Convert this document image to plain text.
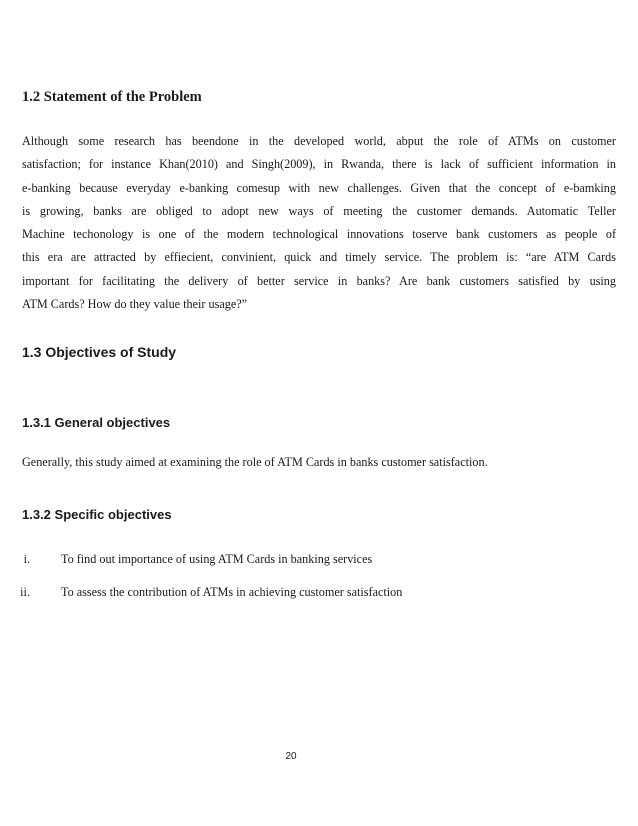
1.2 Statement of the Problem
Although some research has beendone in the developed world, abput the role of ATMs on customer
satisfaction; for instance Khan(2010) and Singh(2009), in Rwanda, there is lack of sufficient information in
e-banking because everyday e-banking comesup with new challenges. Given that the concept of e-bamking
is growing, banks are obliged to adopt new ways of meeting the customer demands. Automatic Teller
Machine techonology is one of the modern technological innovations toserve bank customers as people of
this era are attracted by effiecient, convinient, quick and timely service. The problem is: “are ATM Cards
important for facilitating the delivery of better service in banks? Are bank customers satisfied by using
ATM Cards? How do they value their usage?”
1.3 Objectives of Study
1.3.1 General objectives
Generally, this study aimed at examining the role of ATM Cards in banks customer satisfaction.
1.3.2 Specific objectives
i.	To find out importance of using ATM Cards in banking services
ii.	To assess the contribution of ATMs in achieving customer satisfaction
20
